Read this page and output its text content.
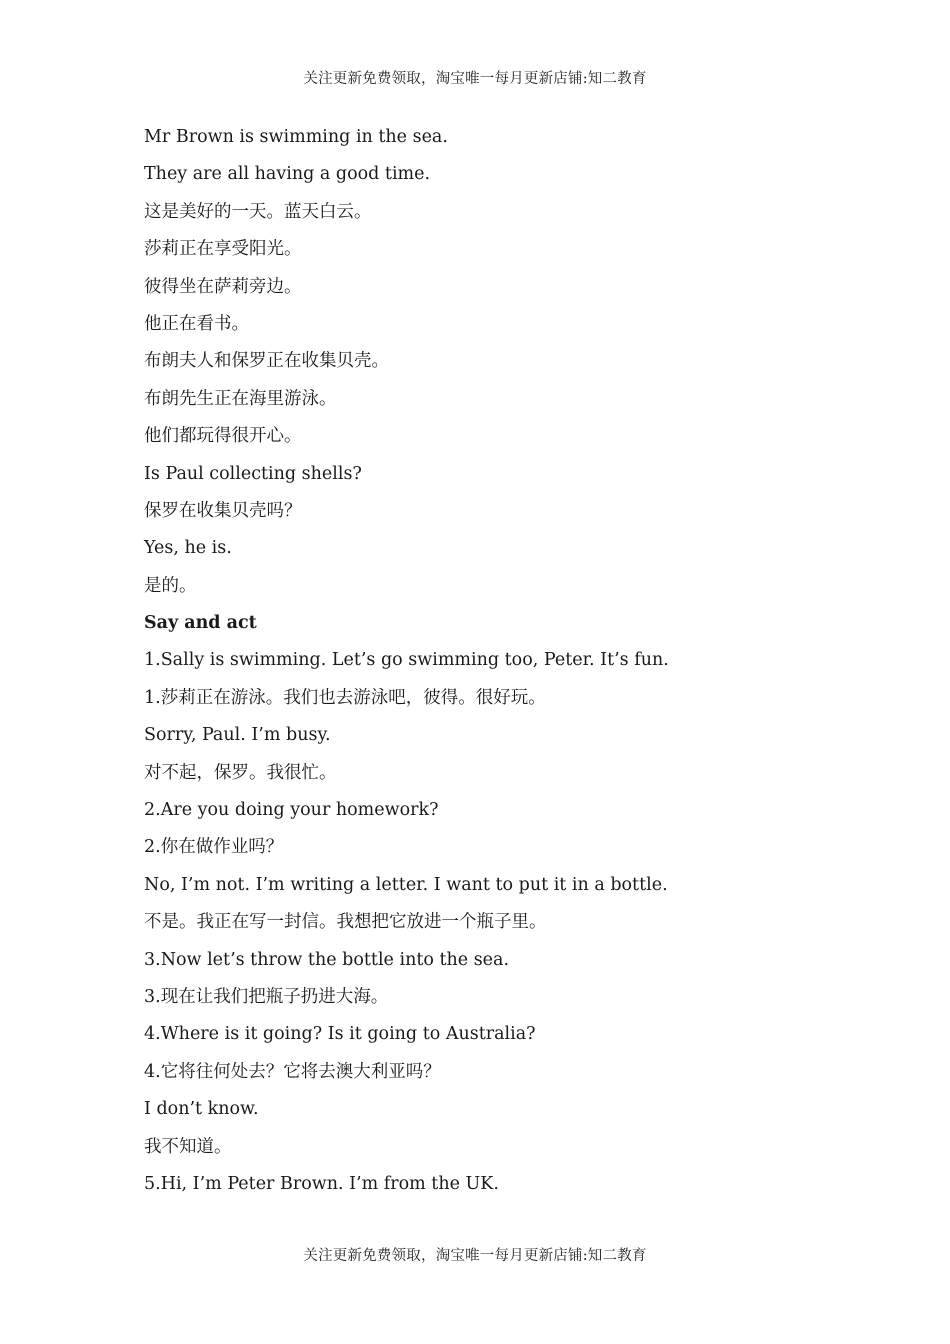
关注更新免费领取，淘宝唯一每月更新店铺:知二教育
Mr Brown is swimming in the sea.
They are all having a good time.
这是美好的一天。蓝天白云。
莎莉正在享受阳光。
彼得坐在萨莉旁边。
他正在看书。
布朗夫人和保罗正在收集贝壳。
布朗先生正在海里游泳。
他们都玩得很开心。
Is Paul collecting shells?
保罗在收集贝壳吗？
Yes, he is.
是的。
Say and act
1.Sally is swimming. Let’s go swimming too, Peter. It’s fun.
1.莎莉正在游泳。我们也去游泳吧，彼得。很好玩。
Sorry, Paul. I’m busy.
对不起，保罗。我很忙。
2.Are you doing your homework?
2.你在做作业吗？
No, I’m not. I’m writing a letter. I want to put it in a bottle.
不是。我正在写一封信。我想把它放进一个瓶子里。
3.Now let’s throw the bottle into the sea.
3.现在让我们把瓶子扔进大海。
4.Where is it going? Is it going to Australia?
4.它将往何处去？它将去澳大利亚吗？
I don’t know.
我不知道。
5.Hi, I’m Peter Brown. I’m from the UK.
关注更新免费领取，淘宝唯一每月更新店铺:知二教育
